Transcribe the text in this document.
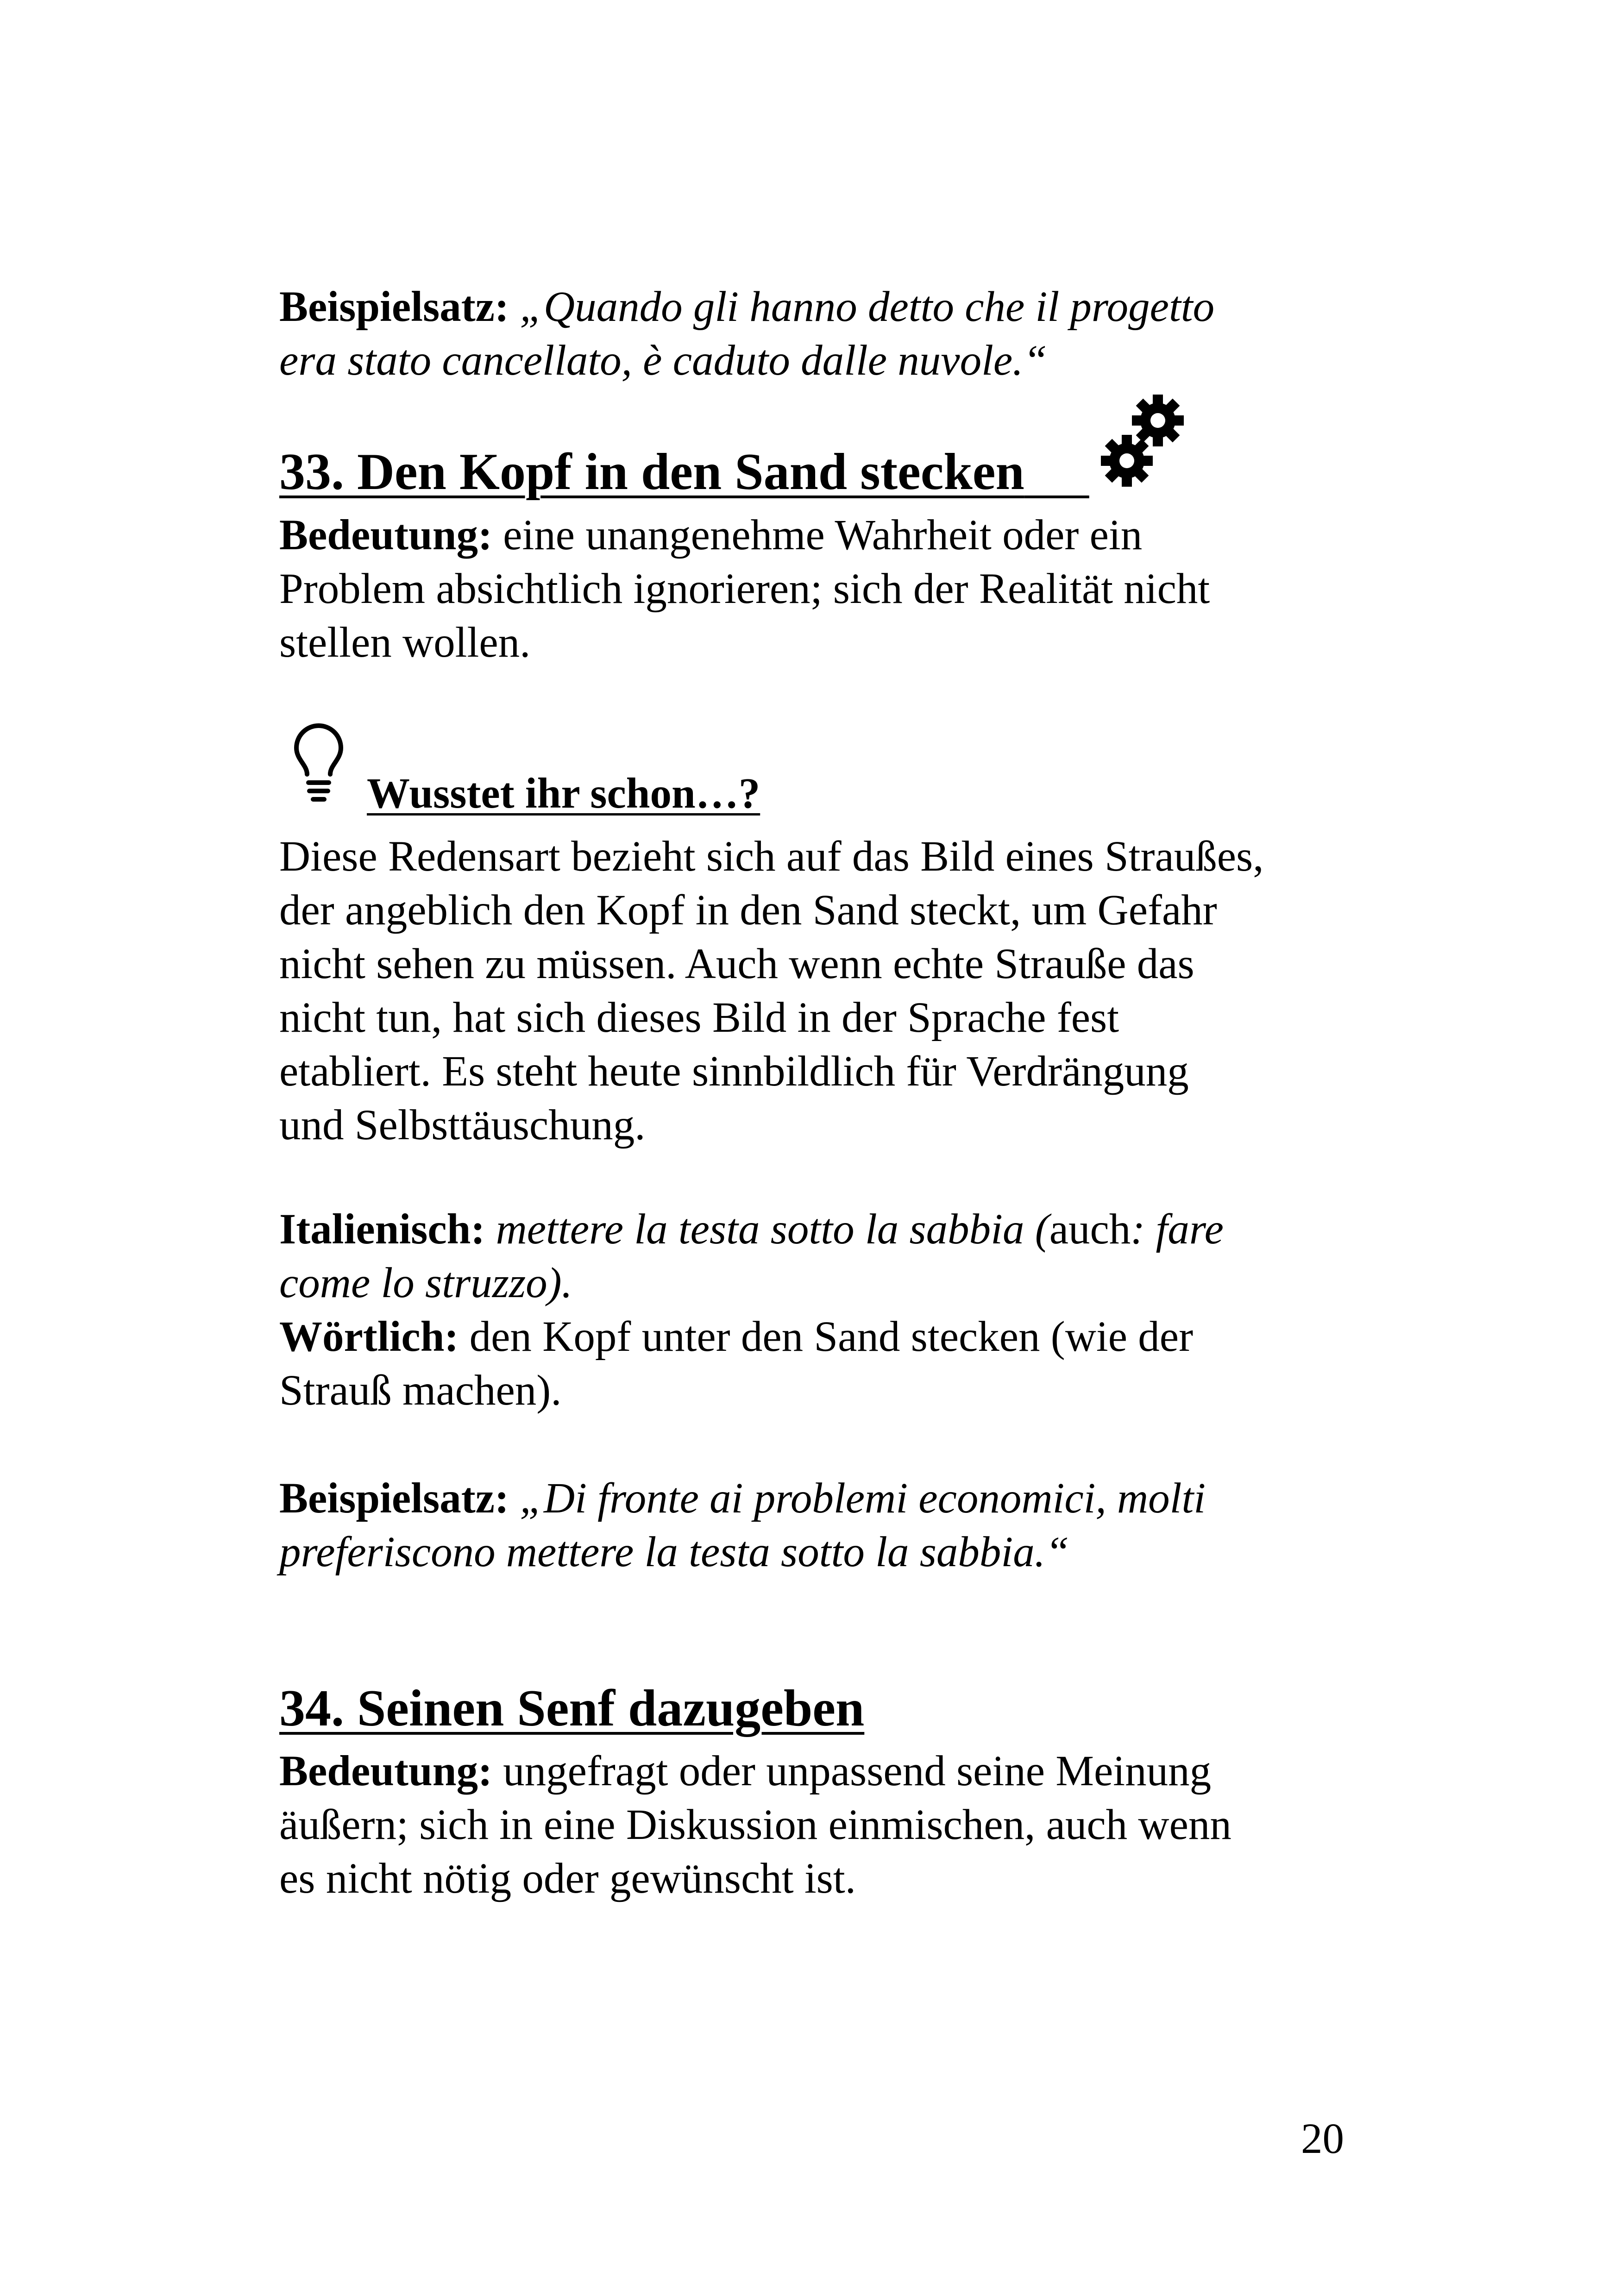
Beispielsatz: „Quando gli hanno detto che il progetto

era stato cancellato, è caduto dalle nuvole.“

33. Den Kopf in den Sand stecken

Bedeutung: eine unangenehme Wahrheit oder ein

Problem absichtlich ignorieren; sich der Realität nicht

stellen wollen.

Wusstet ihr schon…?

Diese Redensart bezieht sich auf das Bild eines Straußes,

der angeblich den Kopf in den Sand steckt, um Gefahr

nicht sehen zu müssen. Auch wenn echte Strauße das

nicht tun, hat sich dieses Bild in der Sprache fest

etabliert. Es steht heute sinnbildlich für Verdrängung

und Selbsttäuschung.

Italienisch: mettere la testa sotto la sabbia (auch: fare

come lo struzzo).

Wörtlich: den Kopf unter den Sand stecken (wie der

Strauß machen).

Beispielsatz: „Di fronte ai problemi economici, molti

preferiscono mettere la testa sotto la sabbia.“

34. Seinen Senf dazugeben

Bedeutung: ungefragt oder unpassend seine Meinung

äußern; sich in eine Diskussion einmischen, auch wenn

es nicht nötig oder gewünscht ist.

20
